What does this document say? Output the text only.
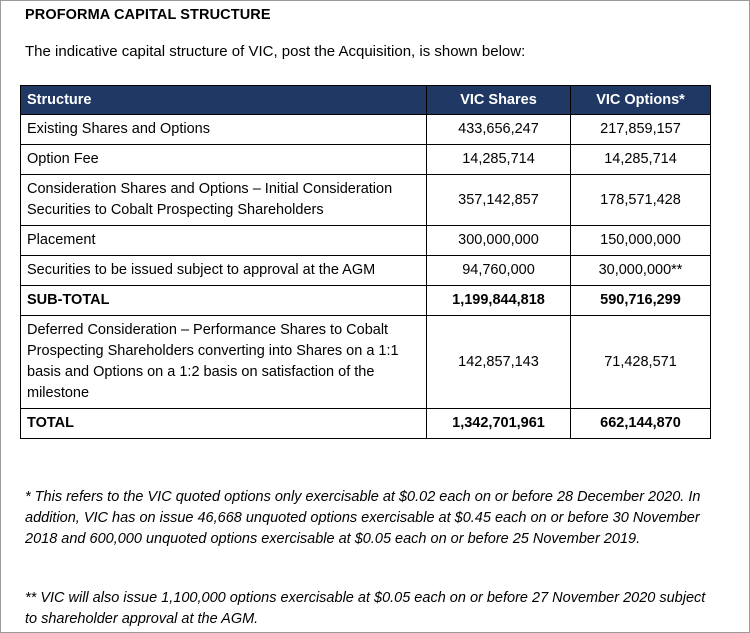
PROFORMA CAPITAL STRUCTURE
The indicative capital structure of VIC, post the Acquisition, is shown below:
Structure	VIC Shares	VIC Options*
Existing Shares and Options	433,656,247	217,859,157
Option Fee	14,285,714	14,285,714
Consideration Shares and Options – Initial Consideration Securities to Cobalt Prospecting Shareholders	357,142,857	178,571,428
Placement	300,000,000	150,000,000
Securities to be issued subject to approval at the AGM	94,760,000	30,000,000**
SUB-TOTAL	1,199,844,818	590,716,299
Deferred Consideration – Performance Shares to Cobalt Prospecting Shareholders converting into Shares on a 1:1 basis and Options on a 1:2 basis on satisfaction of the milestone	142,857,143	71,428,571
TOTAL	1,342,701,961	662,144,870

* This refers to the VIC quoted options only exercisable at $0.02 each on or before 28 December 2020. In addition, VIC has on issue 46,668 unquoted options exercisable at $0.45 each on or before 30 November 2018 and 600,000 unquoted options exercisable at $0.05 each on or before 25 November 2019.

** VIC will also issue 1,100,000 options exercisable at $0.05 each on or before 27 November 2020 subject to shareholder approval at the AGM.
